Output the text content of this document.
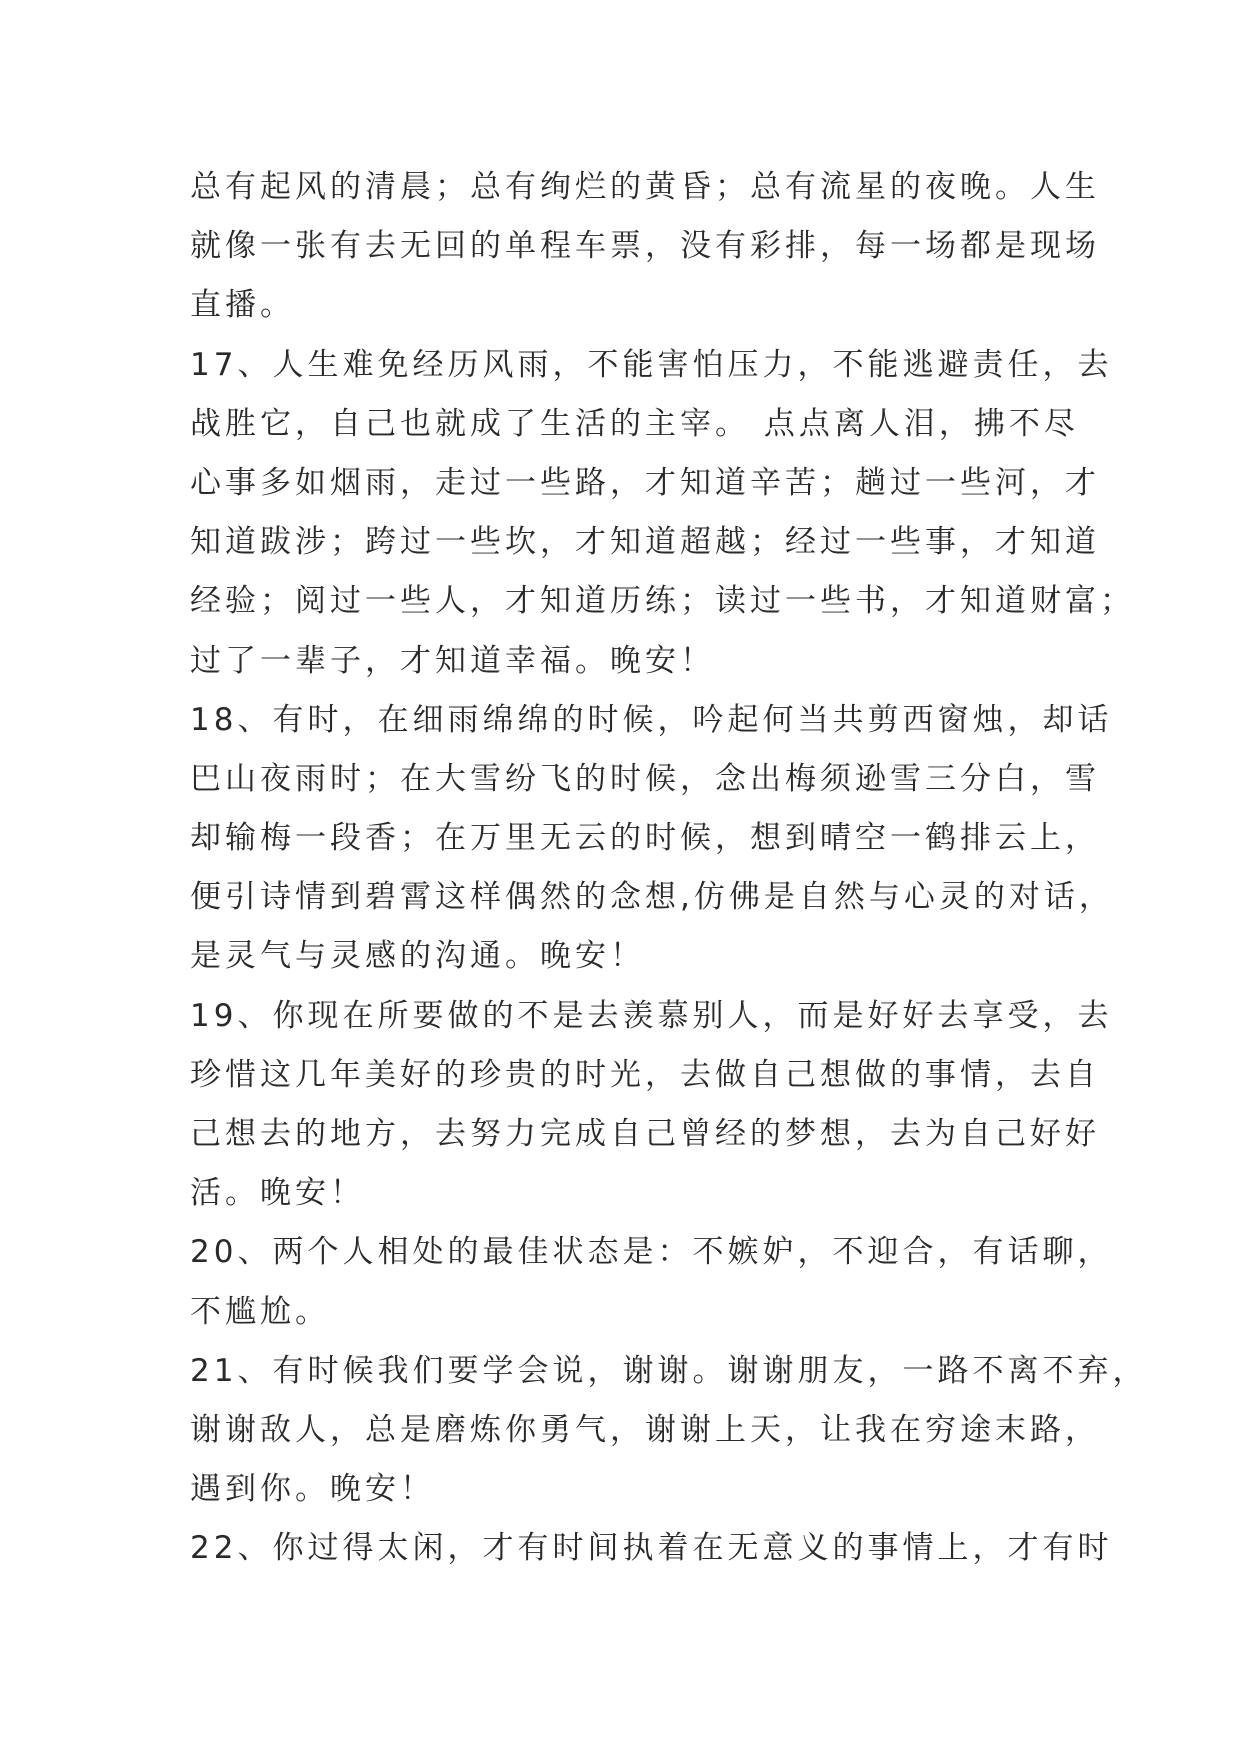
总有起风的清晨；总有绚烂的黄昏；总有流星的夜晚。人生
就像一张有去无回的单程车票，没有彩排，每一场都是现场
直播。
17、人生难免经历风雨，不能害怕压力，不能逃避责任，去
战胜它，自己也就成了生活的主宰。 点点离人泪，拂不尽
心事多如烟雨，走过一些路，才知道辛苦；趟过一些河，才
知道跋涉；跨过一些坎，才知道超越；经过一些事，才知道
经验；阅过一些人，才知道历练；读过一些书，才知道财富；
过了一辈子，才知道幸福。晚安！
18、有时，在细雨绵绵的时候，吟起何当共剪西窗烛，却话
巴山夜雨时；在大雪纷飞的时候，念出梅须逊雪三分白，雪
却输梅一段香；在万里无云的时候，想到晴空一鹤排云上，
便引诗情到碧霄这样偶然的念想,仿佛是自然与心灵的对话，
是灵气与灵感的沟通。晚安！
19、你现在所要做的不是去羡慕别人，而是好好去享受，去
珍惜这几年美好的珍贵的时光，去做自己想做的事情，去自
己想去的地方，去努力完成自己曾经的梦想，去为自己好好
活。晚安！
20、两个人相处的最佳状态是：不嫉妒，不迎合，有话聊，
不尴尬。
21、有时候我们要学会说，谢谢。谢谢朋友，一路不离不弃，
谢谢敌人，总是磨炼你勇气，谢谢上天，让我在穷途末路，
遇到你。晚安！
22、你过得太闲，才有时间执着在无意义的事情上，才有时
